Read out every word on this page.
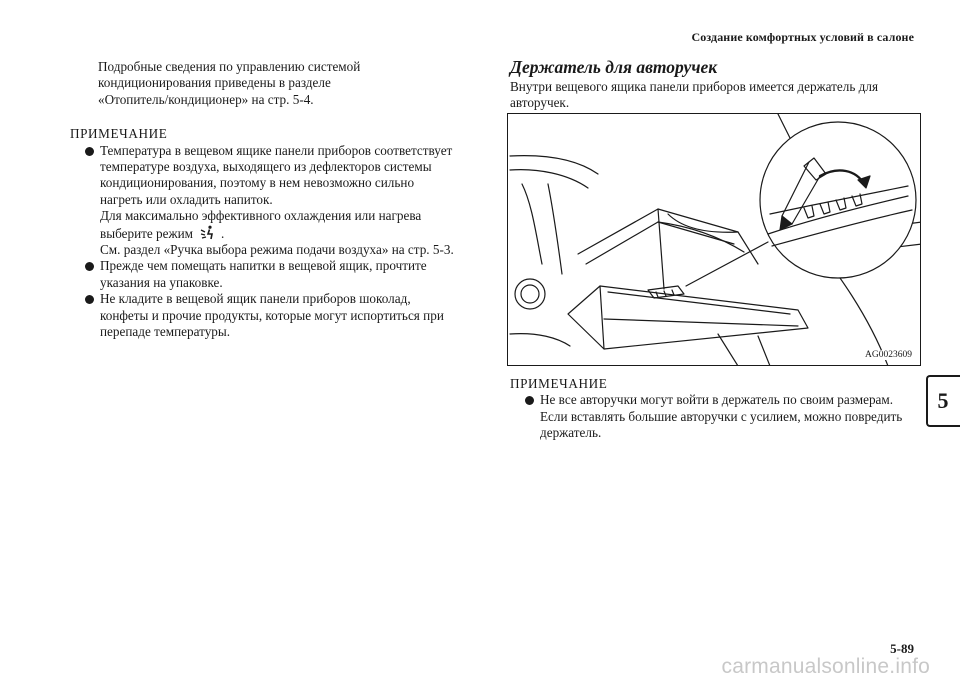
Создание комфортных условий в салоне
Подробные сведения по управлению системой
кондиционирования приведены в разделе
«Отопитель/кондиционер» на стр. 5-4.
ПРИМЕЧАНИЕ
Температура в вещевом ящике панели приборов соответствует
температуре воздуха, выходящего из дефлекторов системы
кондиционирования, поэтому в нем невозможно сильно
нагреть или охладить напиток.
Для максимально эффективного охлаждения или нагрева
выберите режим .
См. раздел «Ручка выбора режима подачи воздуха» на стр. 5-3.
Прежде чем помещать напитки в вещевой ящик, прочтите
указания на упаковке.
Не кладите в вещевой ящик панели приборов шоколад,
конфеты и прочие продукты, которые могут испортиться при
перепаде температуры.
Держатель для авторучек
Внутри вещевого ящика панели приборов имеется держатель для
авторучек.
AG0023609
ПРИМЕЧАНИЕ
Не все авторучки могут войти в держатель по своим размерам.
Если вставлять большие авторучки с усилием, можно повредить
держатель.
5
5-89
carmanualsonline.info
